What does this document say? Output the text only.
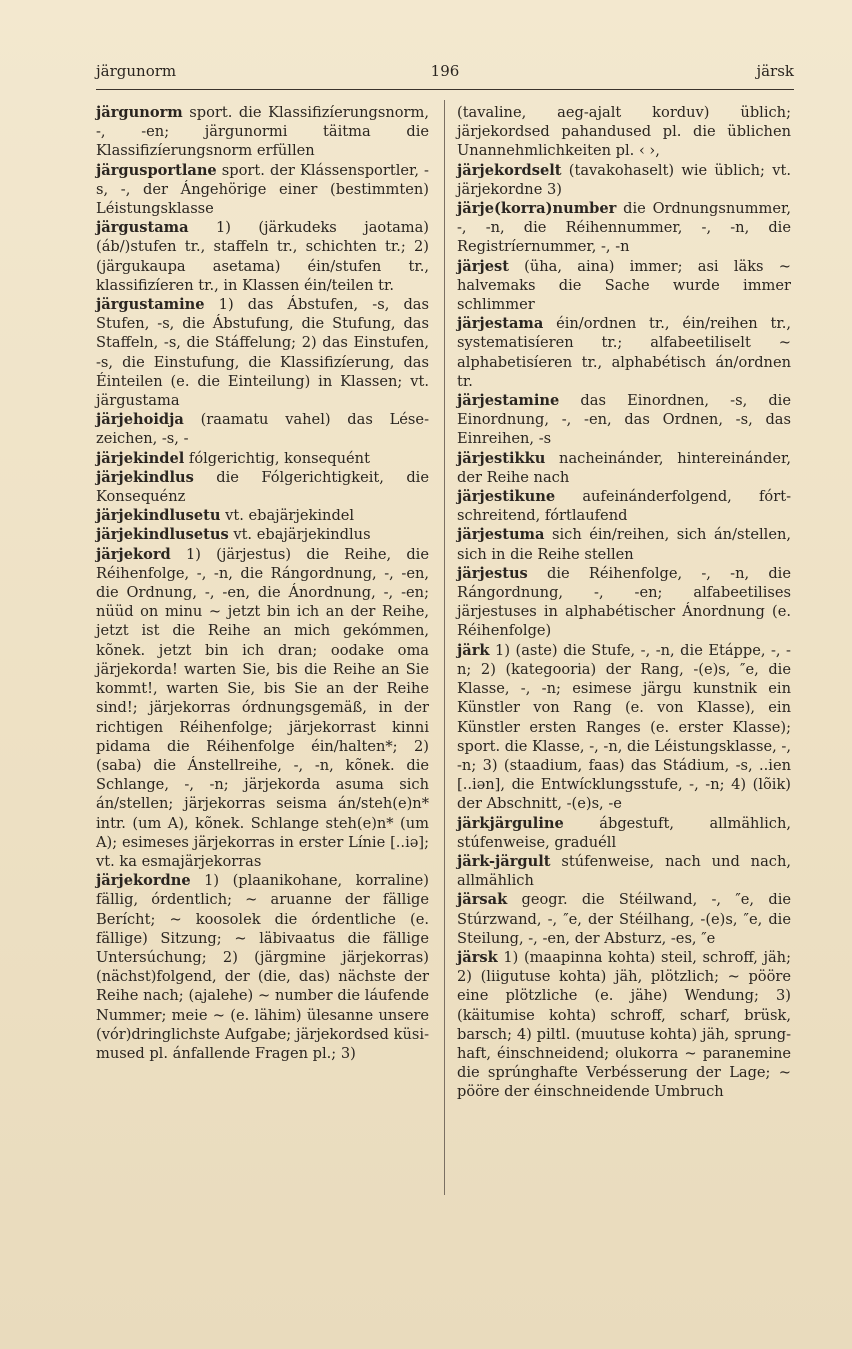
järgunorm	196	järsk
järgunorm sport. die Klassifizíerungsnorm, -, -en; järgunormi täitma die Klassifizíerungsnorm erfüllen
järgusportlane sport. der Klássensportler, -s, -, der Ángehörige einer (bestimmten) Léistungsklasse
järgustama 1) (järkudeks jaotama) (áb/)stufen tr., staffeln tr., schichten tr.; 2) (järgukaupa asetama) éin/stufen tr., klassifizíeren tr., in Klassen éin/teilen tr.
järgustamine 1) das Ábstufen, -s, das Stufen, -s, die Ábstufung, die Stufung, das Staffeln, -s, die Stáffelung; 2) das Einstufen, -s, die Einstufung, die Klassifizíerung, das Éinteilen (e. die Einteilung) in Klassen; vt. järgustama
järjehoidja (raamatu vahel) das Lésezeichen, -s, -
järjekindel fólgerichtig, konsequént
järjekindlus die Fólgerichtigkeit, die Konsequénz
järjekindlusetu vt. ebajärjekindel
järjekindlusetus vt. ebajärjekindlus
järjekord 1) (järjestus) die Reihe, die Réihenfolge, -, -n, die Rángordnung, -, -en, die Ordnung, -, -en, die Ánordnung, -, -en; nüüd on minu ~ jetzt bin ich an der Reihe, jetzt ist die Reihe an mich gekómmen, kõnek. jetzt bin ich dran; oodake oma järjekorda! warten Sie, bis die Reihe an Sie kommt!, warten Sie, bis Sie an der Reihe sind!; järjekorras órdnungsgemäß, in der richtigen Réihenfolge; järjekorrast kinni pidama die Réihenfolge éin/halten*; 2) (saba) die Ánstellreihe, -, -n, kõnek. die Schlange, -, -n; järjekorda asuma sich án/stellen; järjekorras seisma án/steh(e)n* intr. (um A), kõnek. Schlange steh(e)n* (um A); esimeses järjekorras in erster Línie [..iə]; vt. ka esmajärjekorras
järjekordne 1) (plaanikohane, korraline) fällig, órdentlich; ~ aruanne der fällige Berícht; ~ koosolek die órdentliche (e. fällige) Sitzung; ~ läbivaatus die fällige Untersúchung; 2) (järgmine järjekorras) (nächst)folgend, der (die, das) nächste der Reihe nach; (ajalehe) ~ number die láufende Nummer; meie ~ (e. lähim) ülesanne unsere (vór)dringlichste Aufgabe; järjekordsed küsimused pl. ánfallende Fragen pl.; 3)
(tavaline, aeg-ajalt korduv) üblich; järjekordsed pahandused pl. die üblichen Unannehmlichkeiten pl. ‹ ›,
järjekordselt (tavakohaselt) wie üblich; vt. järjekordne 3)
järje(korra)number die Ordnungsnummer, -, -n, die Réihennummer, -, -n, die Registríernummer, -, -n
järjest (üha, aina) immer; asi läks ~ halvemaks die Sache wurde immer schlimmer
järjestama éin/ordnen tr., éin/reihen tr., systematisíeren tr.; alfabeetiliselt ~ alphabetisíeren tr., alphabétisch án/ordnen tr.
järjestamine das Einordnen, -s, die Einordnung, -, -en, das Ordnen, -s, das Einreihen, -s
järjestikku nacheinánder, hintereinánder, der Reihe nach
järjestikune aufeinánderfolgend, fórtschreitend, fórtlaufend
järjestuma sich éin/reihen, sich án/stellen, sich in die Reihe stellen
järjestus die Réihenfolge, -, -n, die Rángordnung, -, -en; alfabeetilises järjestuses in alphabétischer Ánordnung (e. Réihenfolge)
järk 1) (aste) die Stufe, -, -n, die Etáppe, -, -n; 2) (kategooria) der Rang, -(e)s, ″e, die Klasse, -, -n; esimese järgu kunstnik ein Künstler von Rang (e. von Klasse), ein Künstler ersten Ranges (e. erster Klasse); sport. die Klasse, -, -n, die Léistungsklasse, -, -n; 3) (staadium, faas) das Stádium, -s, ..ien [..iən], die Entwícklungsstufe, -, -n; 4) (lõik) der Abschnitt, -(e)s, -e
järkjärguline ábgestuft, allmählich, stúfenweise, graduéll
järk-järgult stúfenweise, nach und nach, allmählich
järsak geogr. die Stéilwand, -, ″e, die Stúrzwand, -, ″e, der Stéilhang, -(e)s, ″e, die Steilung, -, -en, der Absturz, -es, ″e
järsk 1) (maapinna kohta) steil, schroff, jäh; 2) (liigutuse kohta) jäh, plötzlich; ~ pööre eine plötzliche (e. jähe) Wendung; 3) (käitumise kohta) schroff, scharf, brüsk, barsch; 4) piltl. (muutuse kohta) jäh, sprunghaft, éinschneidend; olukorra ~ paranemine die sprúnghafte Verbésserung der Lage; ~ pööre der éinschneidende Umbruch
